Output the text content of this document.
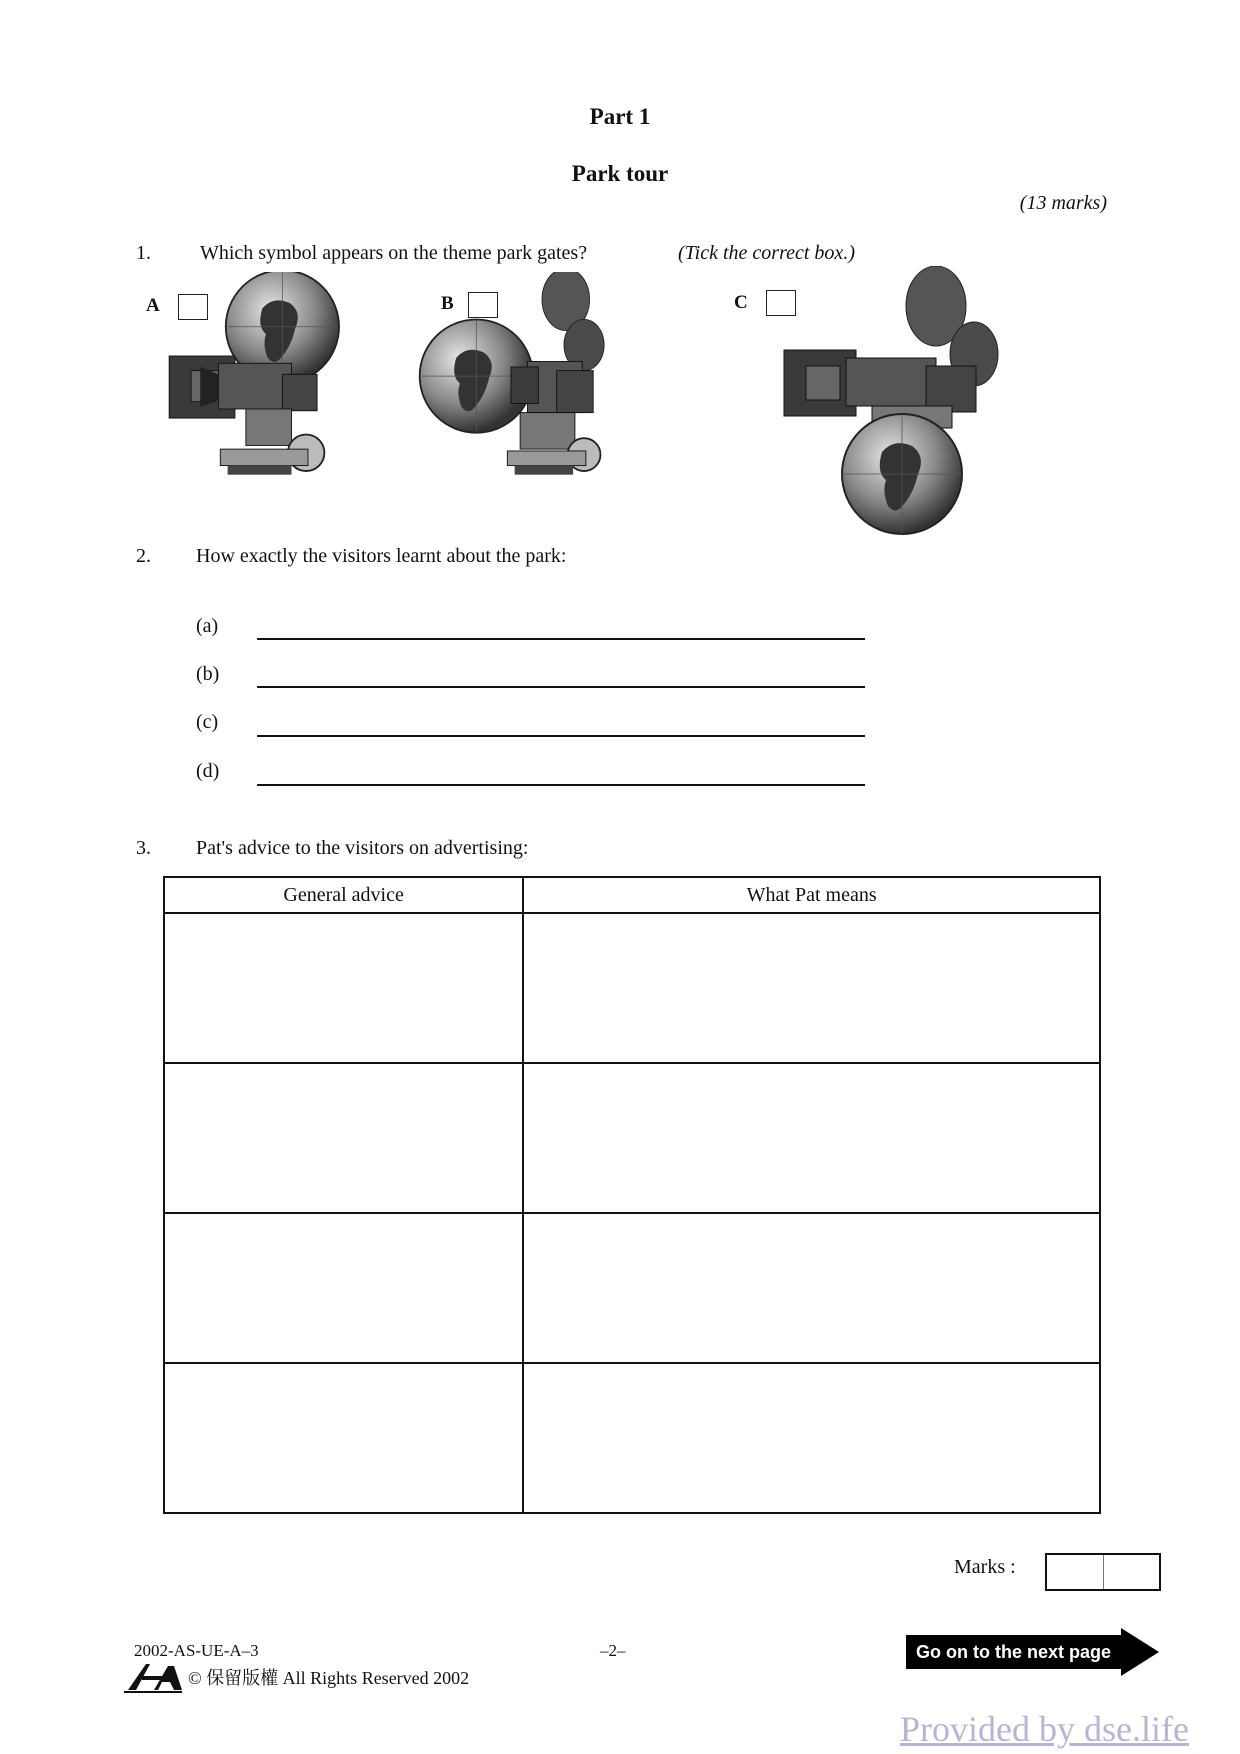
Part 1
Park tour
(13 marks)
1. Which symbol appears on the theme park gates?	(Tick the correct box.)
A	B	C
2. How exactly the visitors learnt about the park:
(a)
(b)
(c)
(d)
3. Pat's advice to the visitors on advertising:
General advice	What Pat means

Marks :
2002-AS-UE-A–3	–2–
© 保留版權 All Rights Reserved 2002
Go on to the next page
Provided by dse.life
